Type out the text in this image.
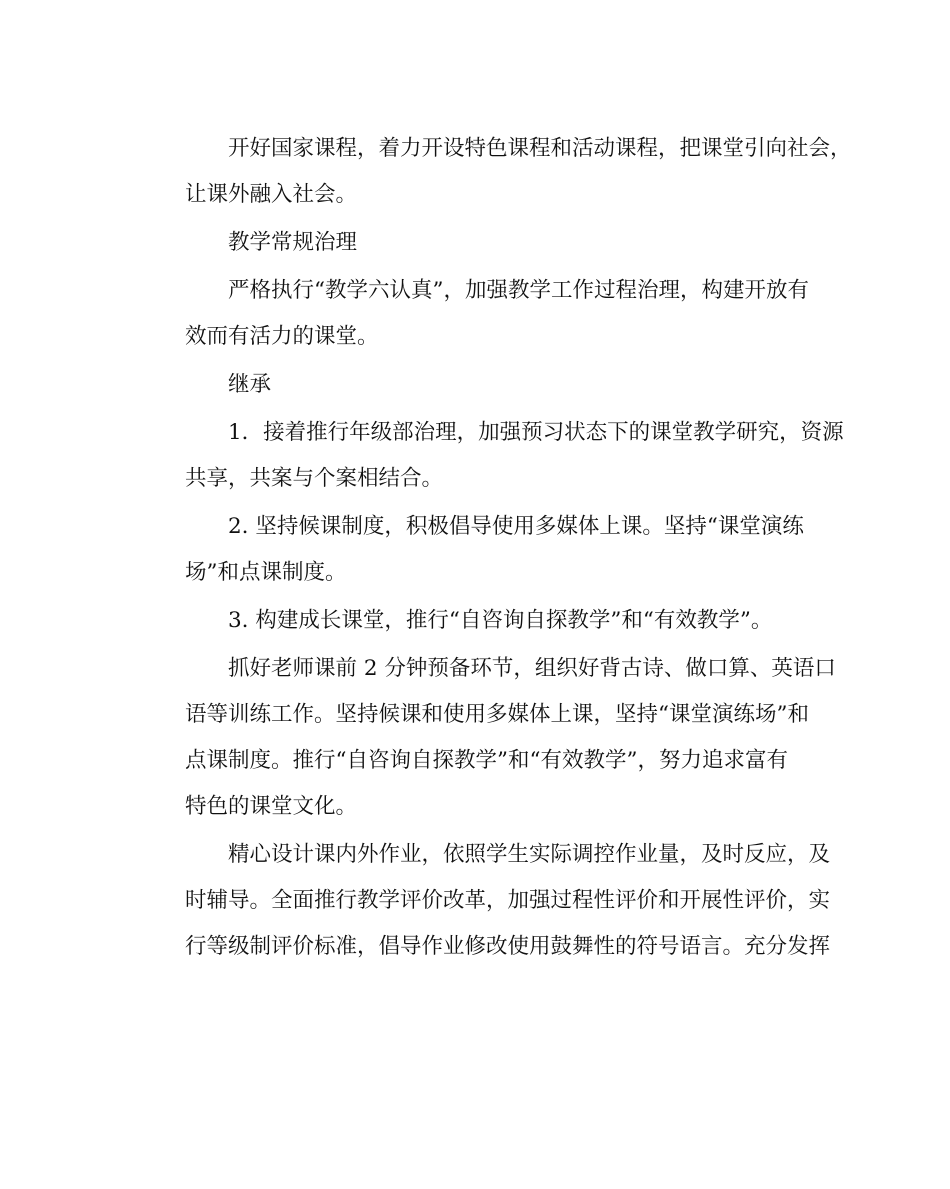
开好国家课程，着力开设特色课程和活动课程，把课堂引向社会，
让课外融入社会。
教学常规治理
严格执行“教学六认真”，加强教学工作过程治理，构建开放有
效而有活力的课堂。
继承
1．接着推行年级部治理，加强预习状态下的课堂教学研究，资源
共享，共案与个案相结合。
2. 坚持候课制度，积极倡导使用多媒体上课。坚持“课堂演练
场”和点课制度。
3. 构建成长课堂，推行“自咨询自探教学”和“有效教学”。
抓好老师课前 2 分钟预备环节，组织好背古诗、做口算、英语口
语等训练工作。坚持候课和使用多媒体上课，坚持“课堂演练场”和
点课制度。推行“自咨询自探教学”和“有效教学”，努力追求富有
特色的课堂文化。
精心设计课内外作业，依照学生实际调控作业量，及时反应，及
时辅导。全面推行教学评价改革，加强过程性评价和开展性评价，实
行等级制评价标准，倡导作业修改使用鼓舞性的符号语言。充分发挥
